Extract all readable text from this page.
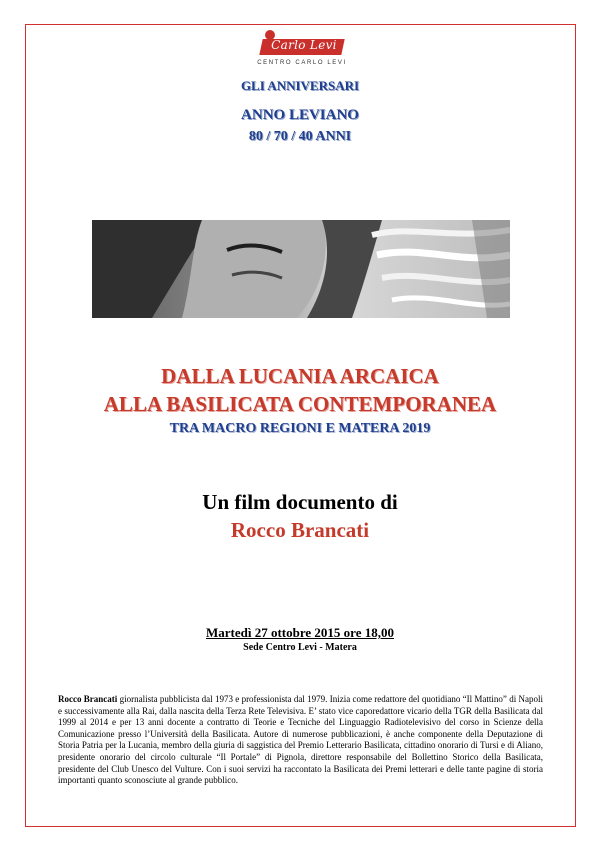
Carlo Levi
CENTRO CARLO LEVI
GLI ANNIVERSARI
ANNO LEVIANO
80 / 70 / 40 ANNI
DALLA LUCANIA ARCAICA
ALLA BASILICATA CONTEMPORANEA
TRA MACRO REGIONI E MATERA 2019
Un film documento di
Rocco Brancati
Martedì 27 ottobre 2015 ore 18,00
Sede Centro Levi - Matera
Rocco Brancati giornalista pubblicista dal 1973 e professionista dal 1979. Inizia come redattore del quotidiano “Il Mattino” di Napoli e successivamente alla Rai, dalla nascita della Terza Rete Televisiva. E’ stato vice caporedattore vicario della TGR della Basilicata dal 1999 al 2014 e per 13 anni docente a contratto di Teorie e Tecniche del Linguaggio Radiotelevisivo del corso in Scienze della Comunicazione presso l’Università della Basilicata. Autore di numerose pubblicazioni, è anche componente della Deputazione di Storia Patria per la Lucania, membro della giuria di saggistica del Premio Letterario Basilicata, cittadino onorario di Tursi e di Aliano, presidente onorario del circolo culturale “Il Portale” di Pignola, direttore responsabile del Bollettino Storico della Basilicata, presidente del Club Unesco del Vulture. Con i suoi servizi ha raccontato la Basilicata dei Premi letterari e delle tante pagine di storia importanti quanto sconosciute al grande pubblico.
